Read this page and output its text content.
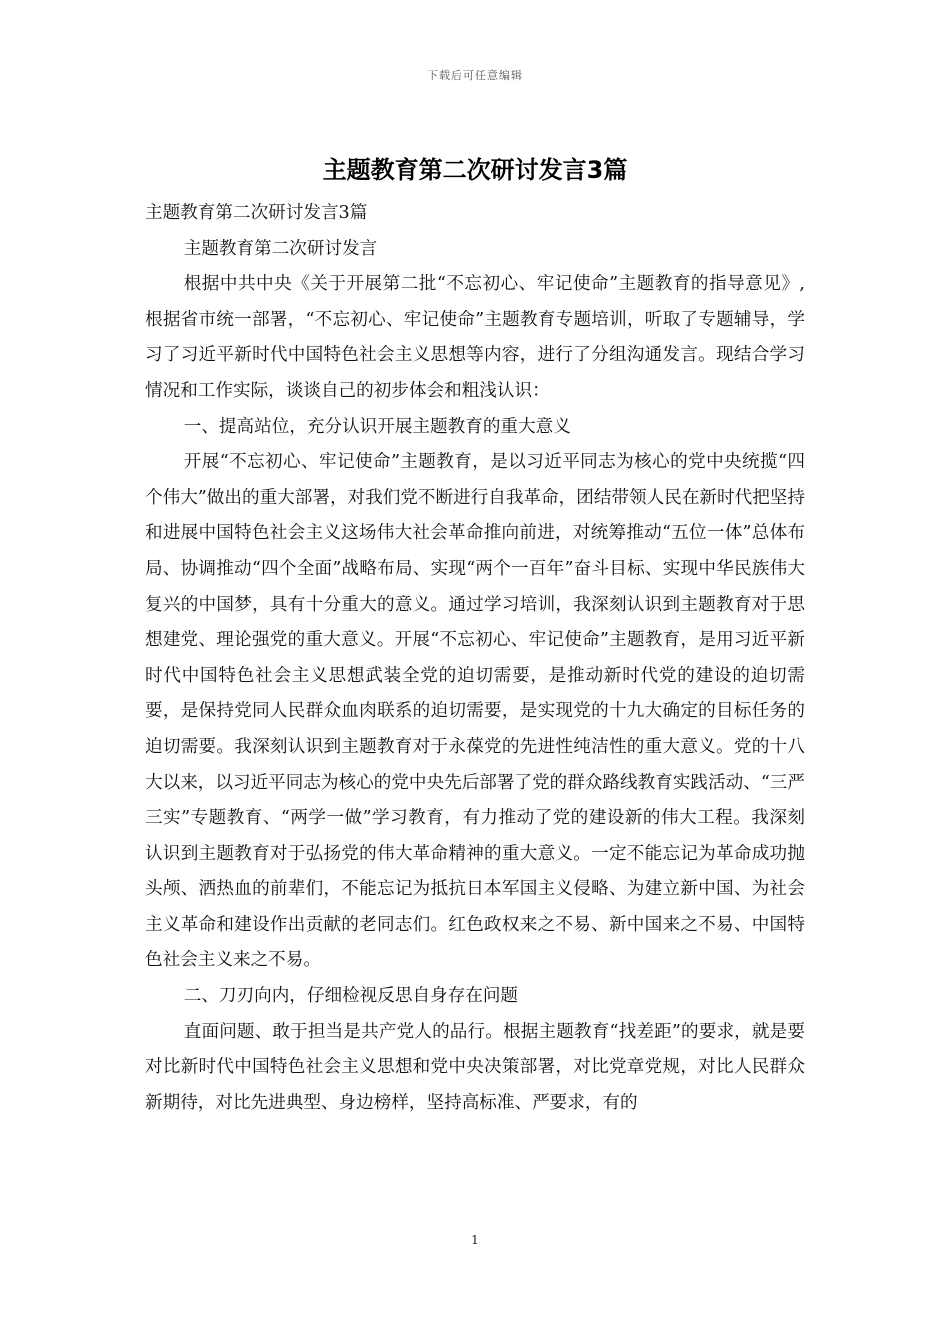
下载后可任意编辑
主题教育第二次研讨发言3篇

主题教育第二次研讨发言3篇

主题教育第二次研讨发言

根据中共中央《关于开展第二批“不忘初心、牢记使命”主题教育的指导意见》,根据省市统一部署，“不忘初心、牢记使命”主题教育专题培训，听取了专题辅导，学习了习近平新时代中国特色社会主义思想等内容，进行了分组沟通发言。现结合学习情况和工作实际，谈谈自己的初步体会和粗浅认识：

一、提高站位，充分认识开展主题教育的重大意义

开展“不忘初心、牢记使命”主题教育，是以习近平同志为核心的党中央统揽“四个伟大”做出的重大部署，对我们党不断进行自我革命，团结带领人民在新时代把坚持和进展中国特色社会主义这场伟大社会革命推向前进，对统筹推动“五位一体”总体布局、协调推动“四个全面”战略布局、实现“两个一百年”奋斗目标、实现中华民族伟大复兴的中国梦，具有十分重大的意义。通过学习培训，我深刻认识到主题教育对于思想建党、理论强党的重大意义。开展“不忘初心、牢记使命”主题教育，是用习近平新时代中国特色社会主义思想武装全党的迫切需要，是推动新时代党的建设的迫切需要，是保持党同人民群众血肉联系的迫切需要，是实现党的十九大确定的目标任务的迫切需要。我深刻认识到主题教育对于永葆党的先进性纯洁性的重大意义。党的十八大以来，以习近平同志为核心的党中央先后部署了党的群众路线教育实践活动、“三严三实”专题教育、“两学一做”学习教育，有力推动了党的建设新的伟大工程。我深刻认识到主题教育对于弘扬党的伟大革命精神的重大意义。一定不能忘记为革命成功抛头颅、洒热血的前辈们，不能忘记为抵抗日本军国主义侵略、为建立新中国、为社会主义革命和建设作出贡献的老同志们。红色政权来之不易、新中国来之不易、中国特色社会主义来之不易。

二、刀刃向内，仔细检视反思自身存在问题

直面问题、敢于担当是共产党人的品行。根据主题教育“找差距”的要求，就是要对比新时代中国特色社会主义思想和党中央决策部署，对比党章党规，对比人民群众新期待，对比先进典型、身边榜样，坚持高标准、严要求，有的

1
